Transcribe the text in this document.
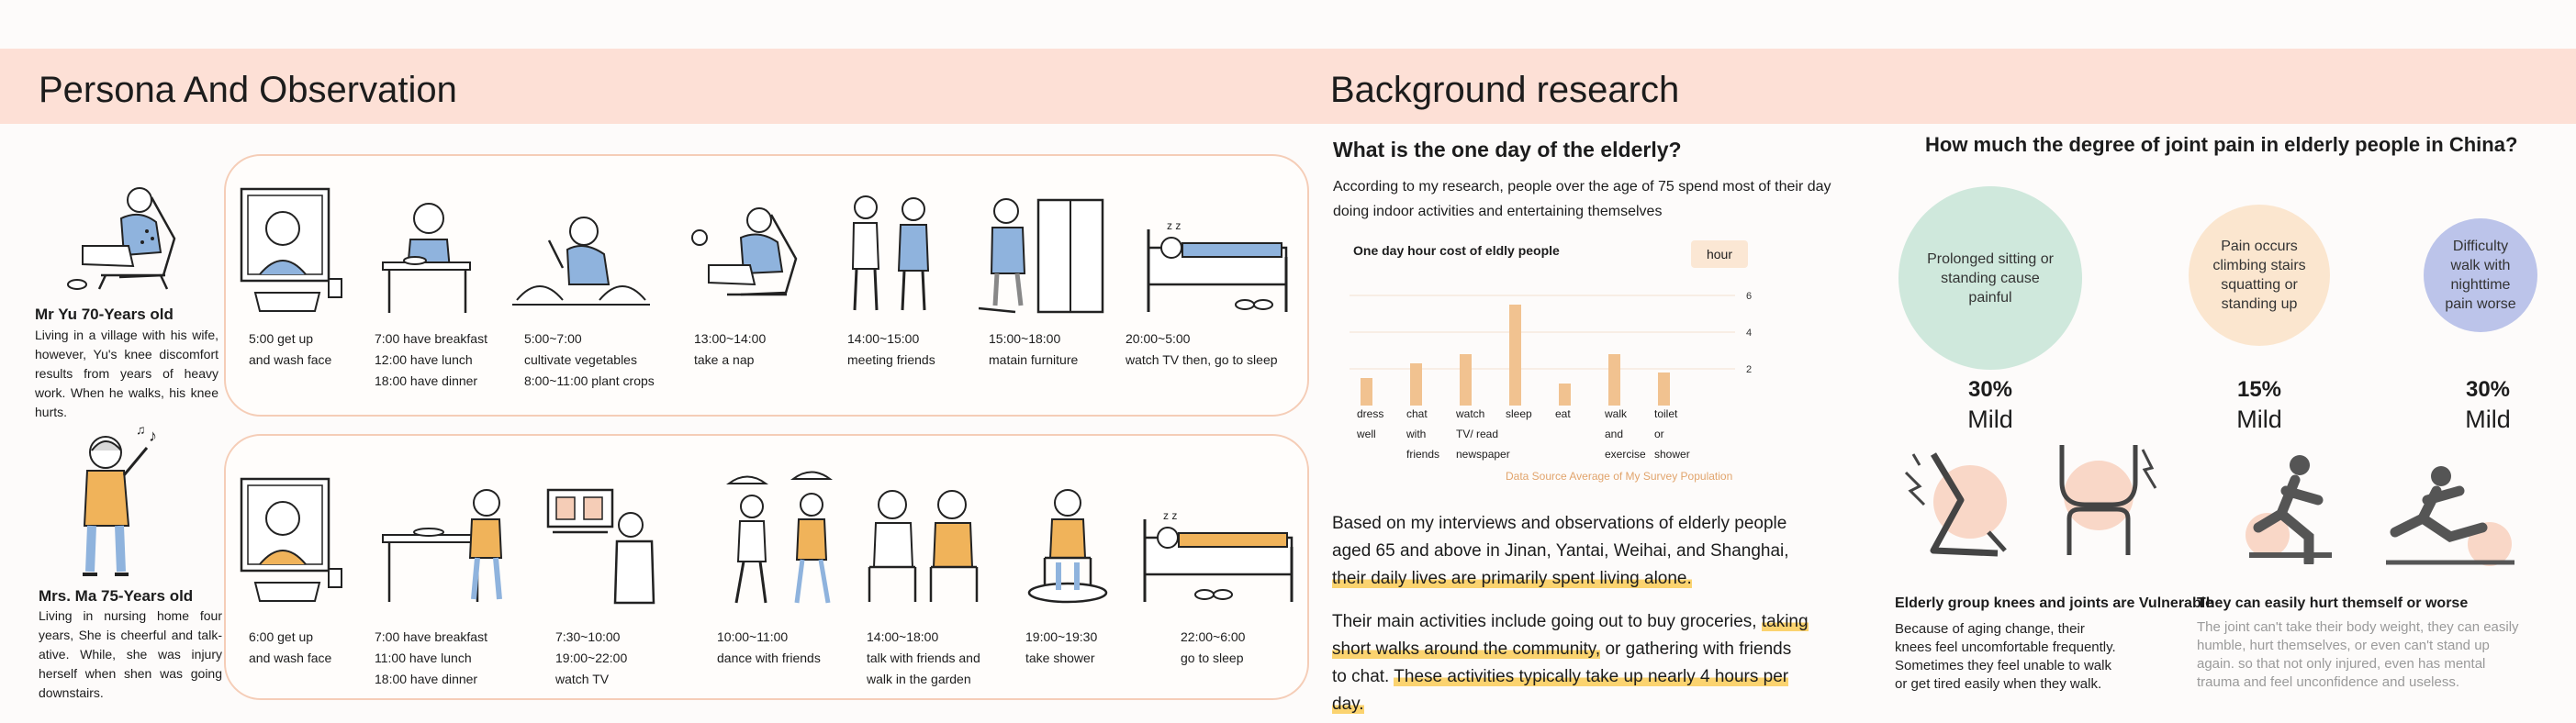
Persona And Observation	Background research
Mr Yu 70-Years old
Living in a village with his wife, however, Yu's knee discomfort results from years of heavy work. When he walks, his knee hurts.
♪
♫
Mrs. Ma 75-Years old
Living in nursing home four years, She is cheerful and talk-ative. While, she was injury herself when shen was going downstairs.
z z
5:00 get up
and wash face
7:00 have breakfast
12:00 have lunch
18:00 have dinner
5:00~7:00
cultivate vegetables
8:00~11:00 plant crops
13:00~14:00
take a nap
14:00~15:00
meeting friends
15:00~18:00
matain furniture
20:00~5:00
watch TV then, go to sleep
z z
6:00 get up
and wash face
7:00 have breakfast
11:00 have lunch
18:00 have dinner
7:30~10:00
19:00~22:00
watch TV
10:00~11:00
dance with friends
14:00~18:00
talk with friends and
walk in the garden
19:00~19:30
take shower
22:00~6:00
go to sleep
What is the one day of the elderly?
According to my research, people over the age of 75 spend most of their day doing indoor activities and entertaining themselves
One day hour cost of eldly people	hour
2
4
6
dress
well
chat
with
friends
watch
TV/ read
newspaper
sleep	eat	walk
and
exercise
toilet
or
shower
Data Source Average of My Survey Population
Based on my interviews and observations of elderly people aged 65 and above in Jinan, Yantai, Weihai, and Shanghai, their daily lives are primarily spent living alone.
Their main activities include going out to buy groceries, taking short walks around the community, or gathering with friends to chat. These activities typically take up nearly 4 hours per day.
How much the degree of joint pain in elderly people in China?
Prolonged sitting or standing cause painful
Pain occurs climbing stairs squatting or standing up
Difficulty walk with nighttime pain worse
30%
Mild
15%
Mild
30%
Mild
Elderly group knees and joints are Vulnerable
Because of aging change, their knees feel uncomfortable frequently. Sometimes they feel unable to walk or get tired easily when they walk.
They can easily hurt themself or worse
The joint can't take their body weight, they can easily humble, hurt themselves, or even can't stand up again. so that not only injured, even has mental trauma and feel unconfidence and useless.
